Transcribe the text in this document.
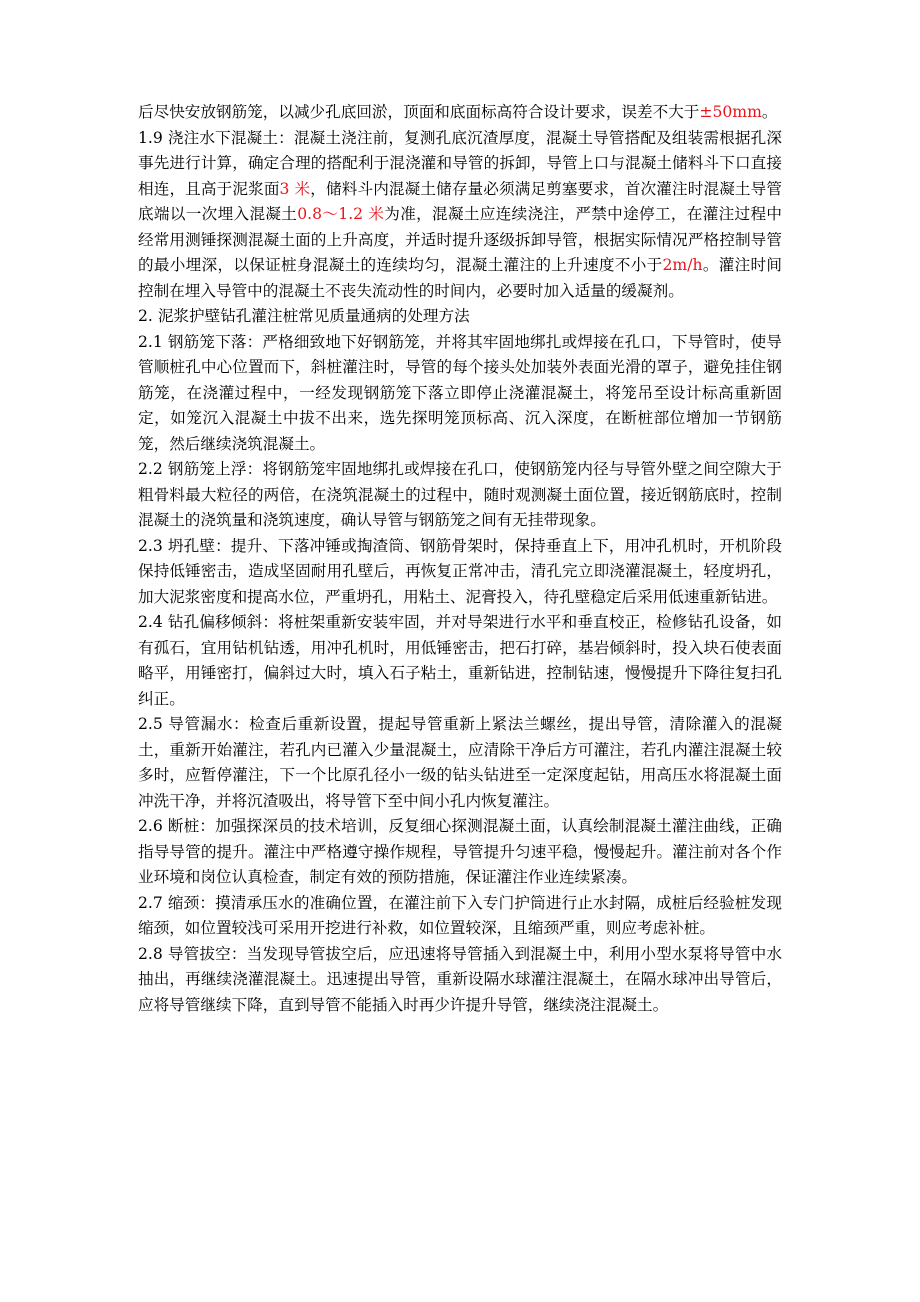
后尽快安放钢筋笼，以减少孔底回淤，顶面和底面标高符合设计要求，误差不大于±50mm。

1.9 浇注水下混凝土：混凝土浇注前，复测孔底沉渣厚度，混凝土导管搭配及组装需根据孔深事先进行计算，确定合理的搭配利于混浇灌和导管的拆卸，导管上口与混凝土储料斗下口直接相连，且高于泥浆面3 米，储料斗内混凝土储存量必须满足剪塞要求，首次灌注时混凝土导管底端以一次埋入混凝土0.8～1.2 米为准，混凝土应连续浇注，严禁中途停工，在灌注过程中经常用测锤探测混凝土面的上升高度，并适时提升逐级拆卸导管，根据实际情况严格控制导管的最小埋深，以保证桩身混凝土的连续均匀，混凝土灌注的上升速度不小于2m/h。灌注时间控制在埋入导管中的混凝土不丧失流动性的时间内，必要时加入适量的缓凝剂。

2. 泥浆护壁钻孔灌注桩常见质量通病的处理方法

2.1 钢筋笼下落：严格细致地下好钢筋笼，并将其牢固地绑扎或焊接在孔口，下导管时，使导管顺桩孔中心位置而下，斜桩灌注时，导管的每个接头处加装外表面光滑的罩子，避免挂住钢筋笼，在浇灌过程中，一经发现钢筋笼下落立即停止浇灌混凝土，将笼吊至设计标高重新固定，如笼沉入混凝土中拔不出来，选先探明笼顶标高、沉入深度，在断桩部位增加一节钢筋笼，然后继续浇筑混凝土。

2.2 钢筋笼上浮：将钢筋笼牢固地绑扎或焊接在孔口，使钢筋笼内径与导管外壁之间空隙大于粗骨料最大粒径的两倍，在浇筑混凝土的过程中，随时观测凝土面位置，接近钢筋底时，控制混凝土的浇筑量和浇筑速度，确认导管与钢筋笼之间有无挂带现象。

2.3 坍孔壁：提升、下落冲锤或掏渣筒、钢筋骨架时，保持垂直上下，用冲孔机时，开机阶段保持低锤密击，造成坚固耐用孔壁后，再恢复正常冲击，清孔完立即浇灌混凝土，轻度坍孔，加大泥浆密度和提高水位，严重坍孔，用粘土、泥膏投入，待孔壁稳定后采用低速重新钻进。

2.4 钻孔偏移倾斜：将桩架重新安装牢固，并对导架进行水平和垂直校正，检修钻孔设备，如有孤石，宜用钻机钻透，用冲孔机时，用低锤密击，把石打碎，基岩倾斜时，投入块石使表面略平，用锤密打，偏斜过大时，填入石子粘土，重新钻进，控制钻速，慢慢提升下降往复扫孔纠正。

2.5 导管漏水：检查后重新设置，提起导管重新上紧法兰螺丝，提出导管，清除灌入的混凝土，重新开始灌注，若孔内已灌入少量混凝土，应清除干净后方可灌注，若孔内灌注混凝土较多时，应暂停灌注，下一个比原孔径小一级的钻头钻进至一定深度起钻，用高压水将混凝土面冲洗干净，并将沉渣吸出，将导管下至中间小孔内恢复灌注。

2.6 断桩：加强探深员的技术培训，反复细心探测混凝土面，认真绘制混凝土灌注曲线，正确指导导管的提升。灌注中严格遵守操作规程，导管提升匀速平稳，慢慢起升。灌注前对各个作业环境和岗位认真检查，制定有效的预防措施，保证灌注作业连续紧凑。

2.7 缩颈：摸清承压水的准确位置，在灌注前下入专门护筒进行止水封隔，成桩后经验桩发现缩颈，如位置较浅可采用开挖进行补救，如位置较深，且缩颈严重，则应考虑补桩。

2.8 导管拔空：当发现导管拔空后，应迅速将导管插入到混凝土中，利用小型水泵将导管中水抽出，再继续浇灌混凝土。迅速提出导管，重新设隔水球灌注混凝土，在隔水球冲出导管后，应将导管继续下降，直到导管不能插入时再少许提升导管，继续浇注混凝土。
